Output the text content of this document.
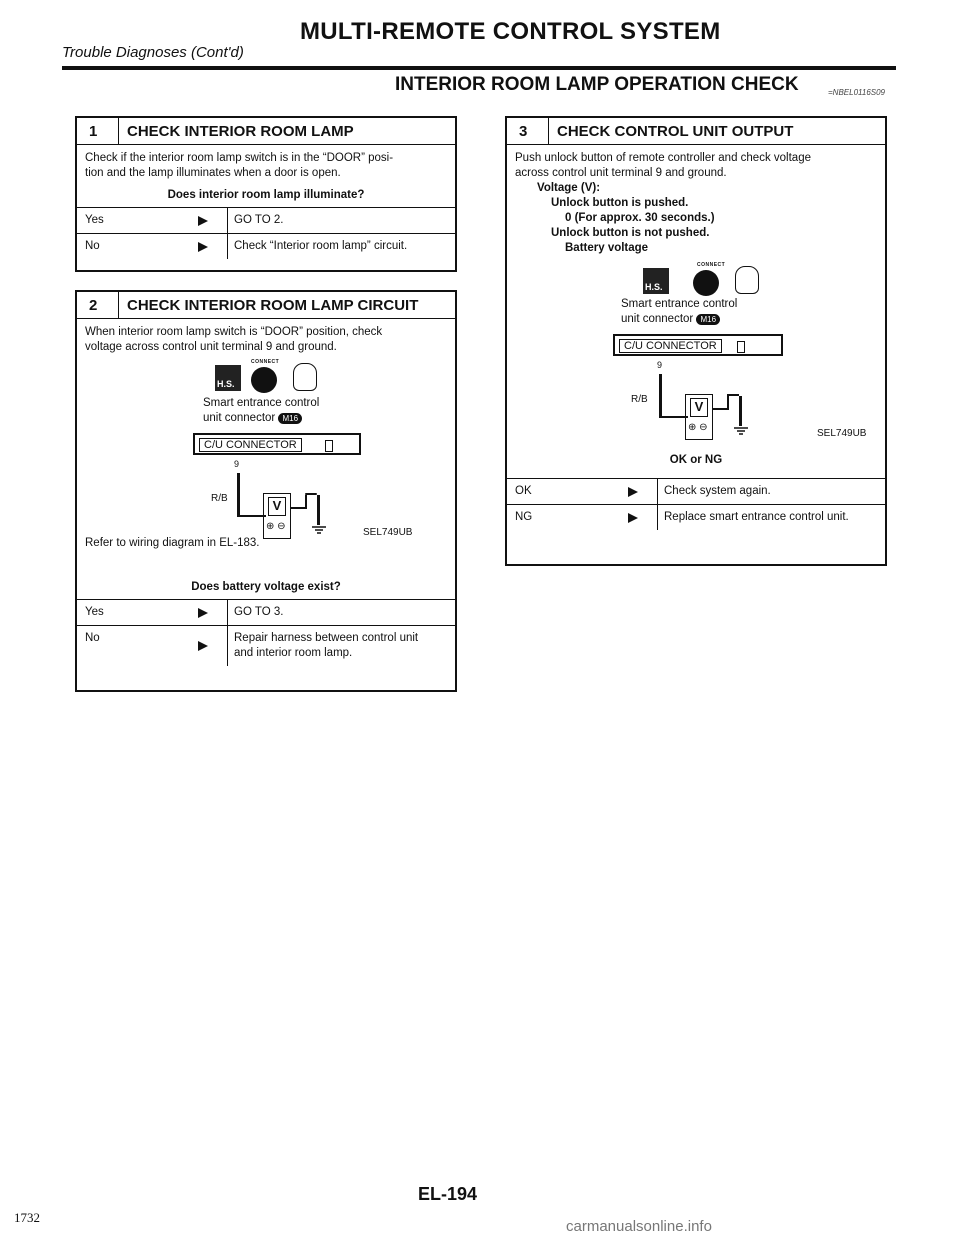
MULTI-REMOTE CONTROL SYSTEM
Trouble Diagnoses (Cont'd)
INTERIOR ROOM LAMP OPERATION CHECK	=NBEL0116S09
1	CHECK INTERIOR ROOM LAMP
Check if the interior room lamp switch is in the “DOOR” posi-
tion and the lamp illuminates when a door is open.
Does interior room lamp illuminate?
Yes	GO TO 2.
No	Check “Interior room lamp” circuit.
2	CHECK INTERIOR ROOM LAMP CIRCUIT
When interior room lamp switch is “DOOR” position, check
voltage across control unit terminal 9 and ground.
H.S.
CONNECT
Smart entrance control
unit connector M16
C/U CONNECTOR
9
R/B	V
⊕ ⊖
SEL749UB
Refer to wiring diagram in EL-183.
Does battery voltage exist?
Yes	GO TO 3.
No	Repair harness between control unit
and interior room lamp.
3	CHECK CONTROL UNIT OUTPUT
Push unlock button of remote controller and check voltage
across control unit terminal 9 and ground.
Voltage (V):
Unlock button is pushed.
0 (For approx. 30 seconds.)
Unlock button is not pushed.
Battery voltage
H.S.
CONNECT
Smart entrance control
unit connector M16
C/U CONNECTOR
9
R/B	V
⊕ ⊖
SEL749UB
OK or NG
OK	Check system again.
NG	Replace smart entrance control unit.
EL-194
1732
carmanualsonline.info
